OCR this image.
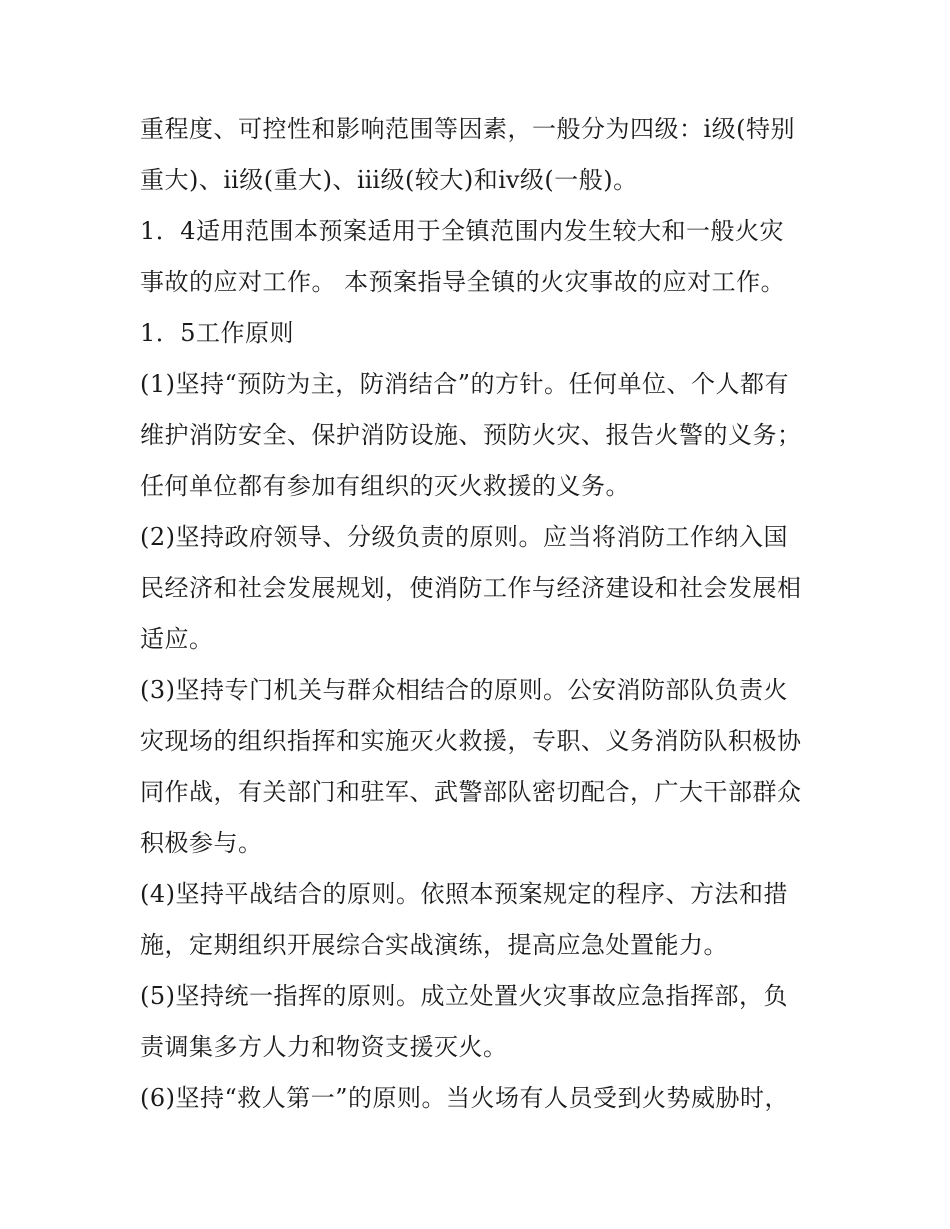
重程度、可控性和影响范围等因素，一般分为四级：ⅰ级(特别
重大)、ⅱ级(重大)、ⅲ级(较大)和ⅳ级(一般)。
1．4适用范围本预案适用于全镇范围内发生较大和一般火灾
事故的应对工作。 本预案指导全镇的火灾事故的应对工作。
1．5工作原则
(1)坚持“预防为主，防消结合”的方针。任何单位、个人都有
维护消防安全、保护消防设施、预防火灾、报告火警的义务；
任何单位都有参加有组织的灭火救援的义务。
(2)坚持政府领导、分级负责的原则。应当将消防工作纳入国
民经济和社会发展规划，使消防工作与经济建设和社会发展相
适应。
(3)坚持专门机关与群众相结合的原则。公安消防部队负责火
灾现场的组织指挥和实施灭火救援，专职、义务消防队积极协
同作战，有关部门和驻军、武警部队密切配合，广大干部群众
积极参与。
(4)坚持平战结合的原则。依照本预案规定的程序、方法和措
施，定期组织开展综合实战演练，提高应急处置能力。
(5)坚持统一指挥的原则。成立处置火灾事故应急指挥部，负
责调集多方人力和物资支援灭火。
(6)坚持“救人第一”的原则。当火场有人员受到火势威胁时，
